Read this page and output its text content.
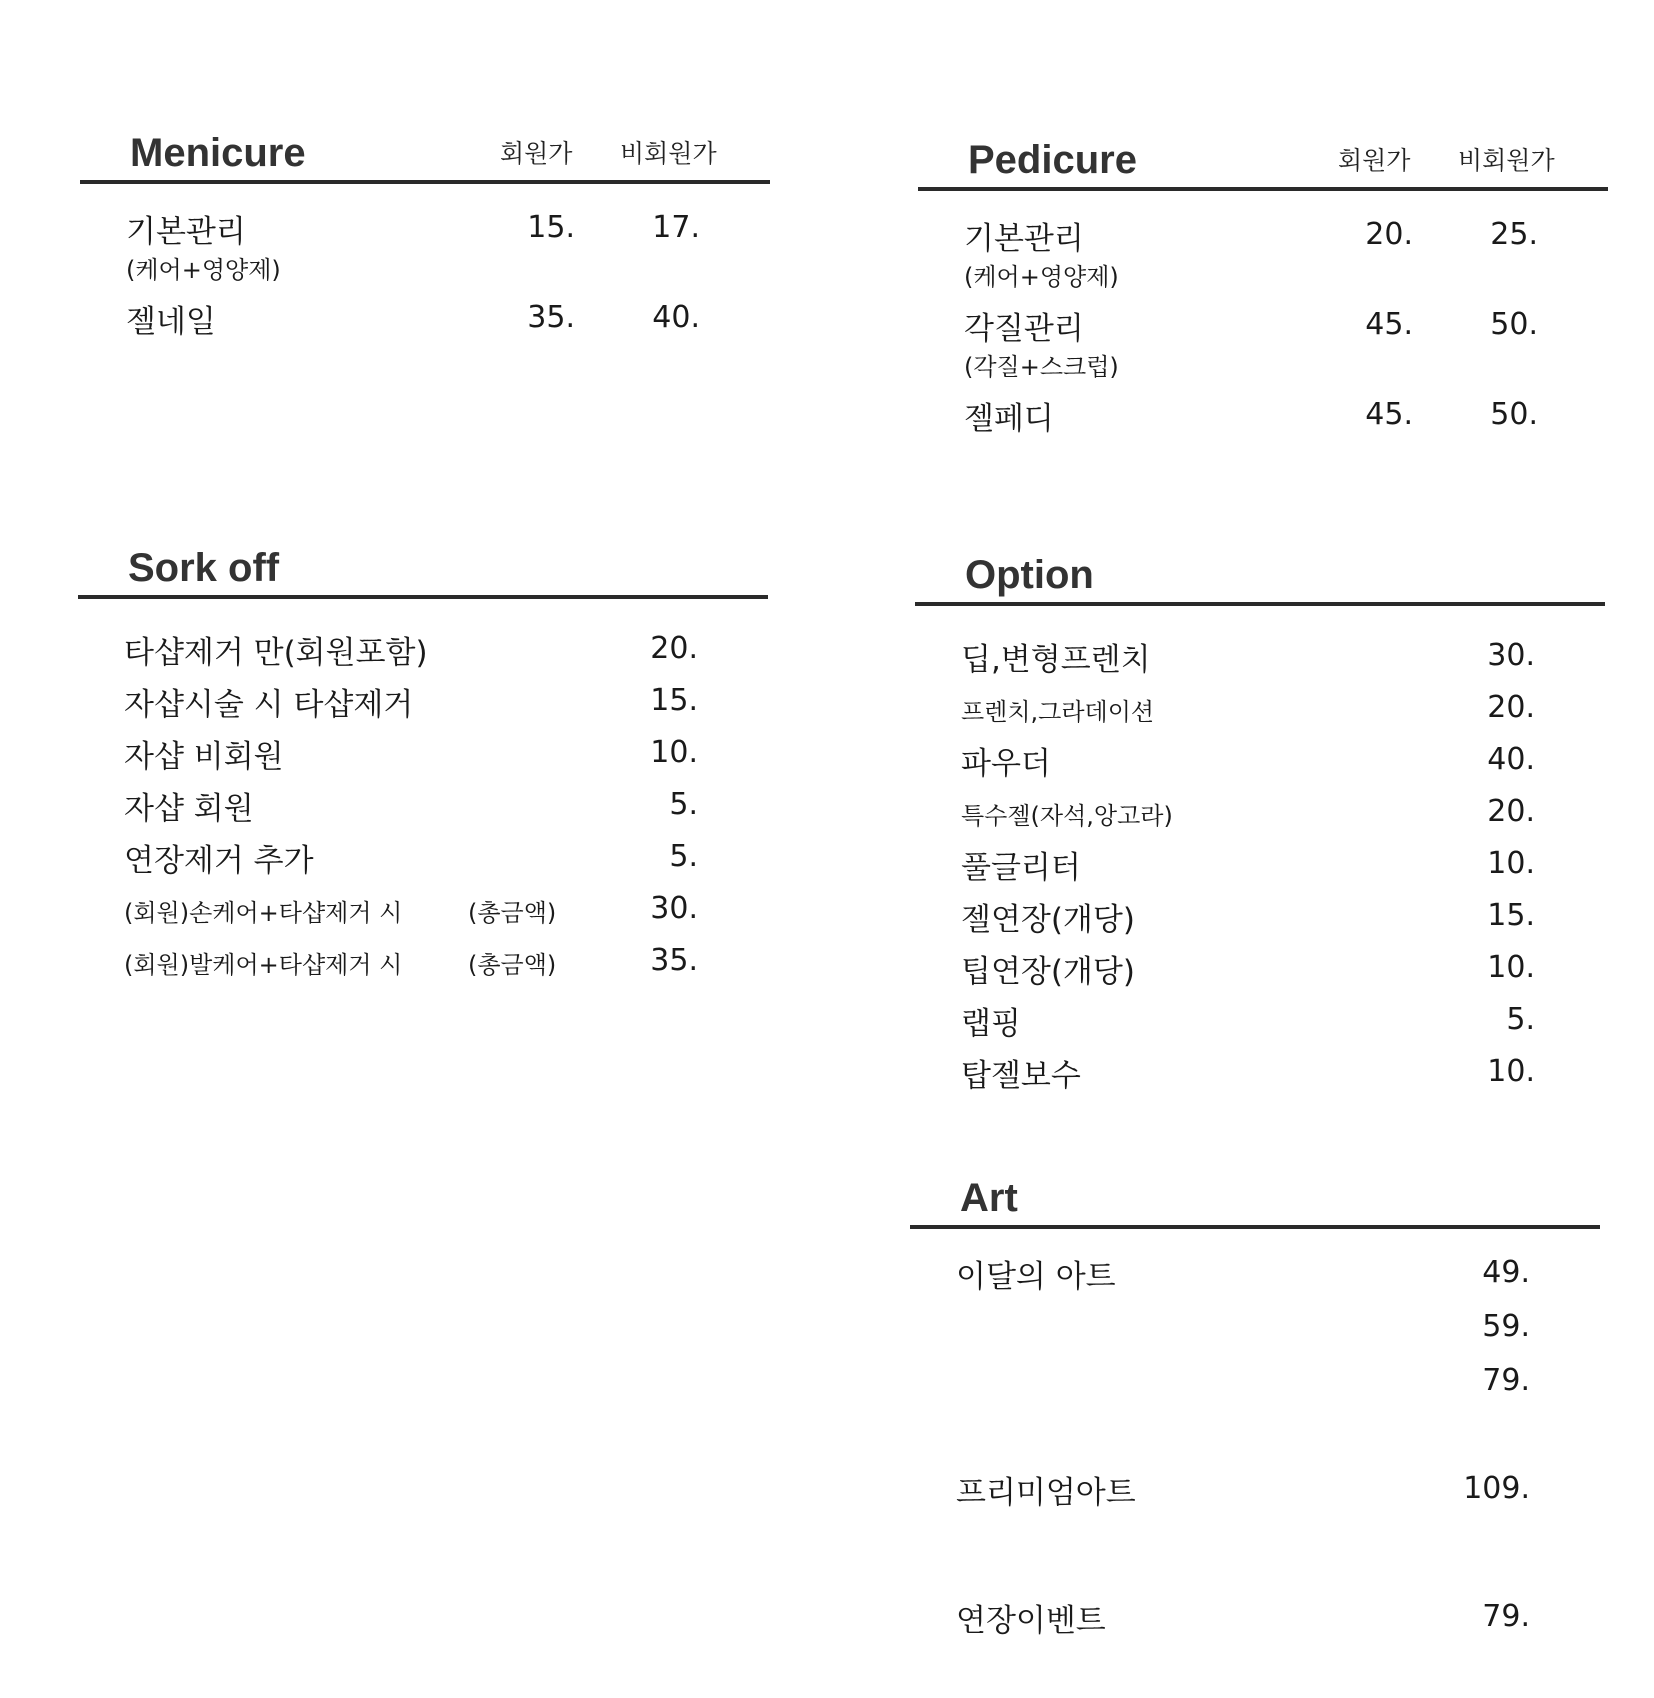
Menicure	회원가 비회원가
기본관리	15.	17.
(케어+영양제)
젤네일	35.	40.
Pedicure	회원가 비회원가
기본관리	20.	25.
(케어+영양제)
각질관리	45.	50.
(각질+스크럽)
젤페디	45.	50.
Sork off
타샵제거 만(회원포함)	20.
자샵시술 시 타샵제거	15.
자샵 비회원	10.
자샵 회원	5.
연장제거 추가	5.
(회원)손케어+타샵제거 시	(총금액)	30.
(회원)발케어+타샵제거 시	(총금액)	35.
Option
딥,변형프렌치	30.
프렌치,그라데이션	20.
파우더	40.
특수젤(자석,앙고라)	20.
풀글리터	10.
젤연장(개당)	15.
팁연장(개당)	10.
랩핑	5.
탑젤보수	10.
Art
이달의 아트	49.
59.
79.
프리미엄아트	109.
연장이벤트	79.
